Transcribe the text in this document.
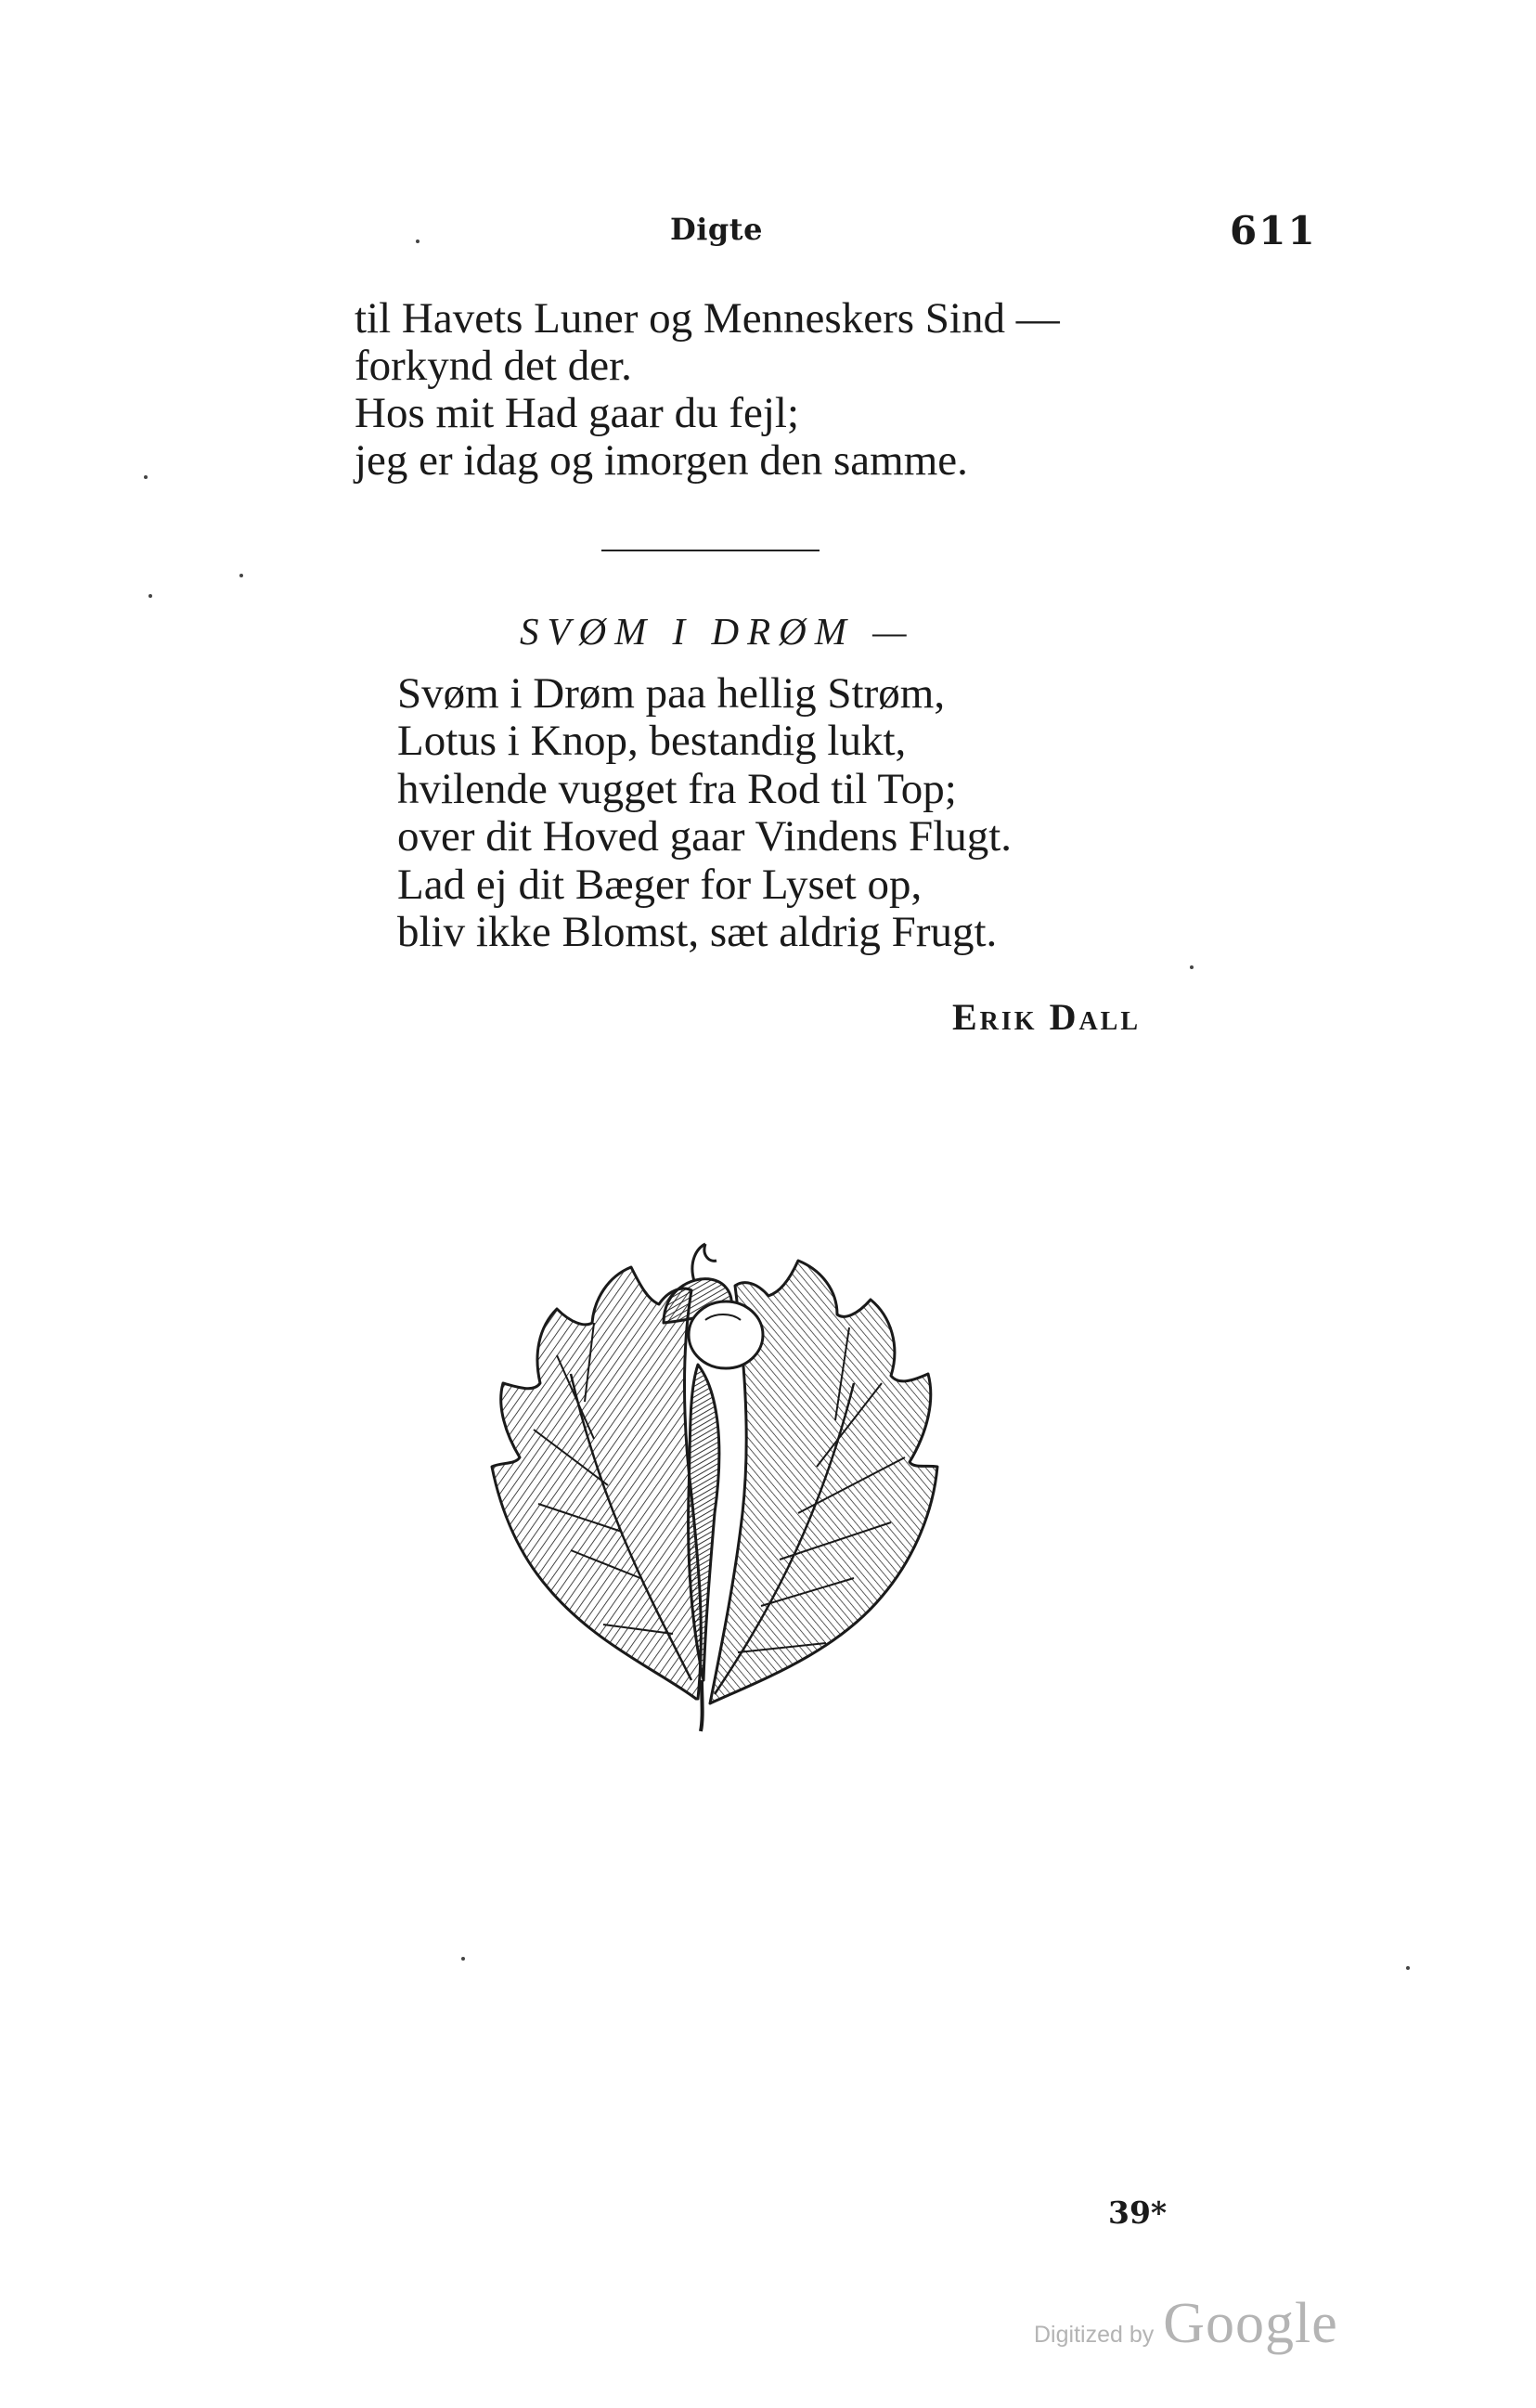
Digte	611
til Havets Luner og Menneskers Sind —
forkynd det der.
Hos mit Had gaar du fejl;
jeg er idag og imorgen den samme.
SVØM I DRØM —
Svøm i Drøm paa hellig Strøm,
Lotus i Knop, bestandig lukt,
hvilende vugget fra Rod til Top;
over dit Hoved gaar Vindens Flugt.
Lad ej dit Bæger for Lyset op,
bliv ikke Blomst, sæt aldrig Frugt.
Erik Dall
39*
Digitized by Google
